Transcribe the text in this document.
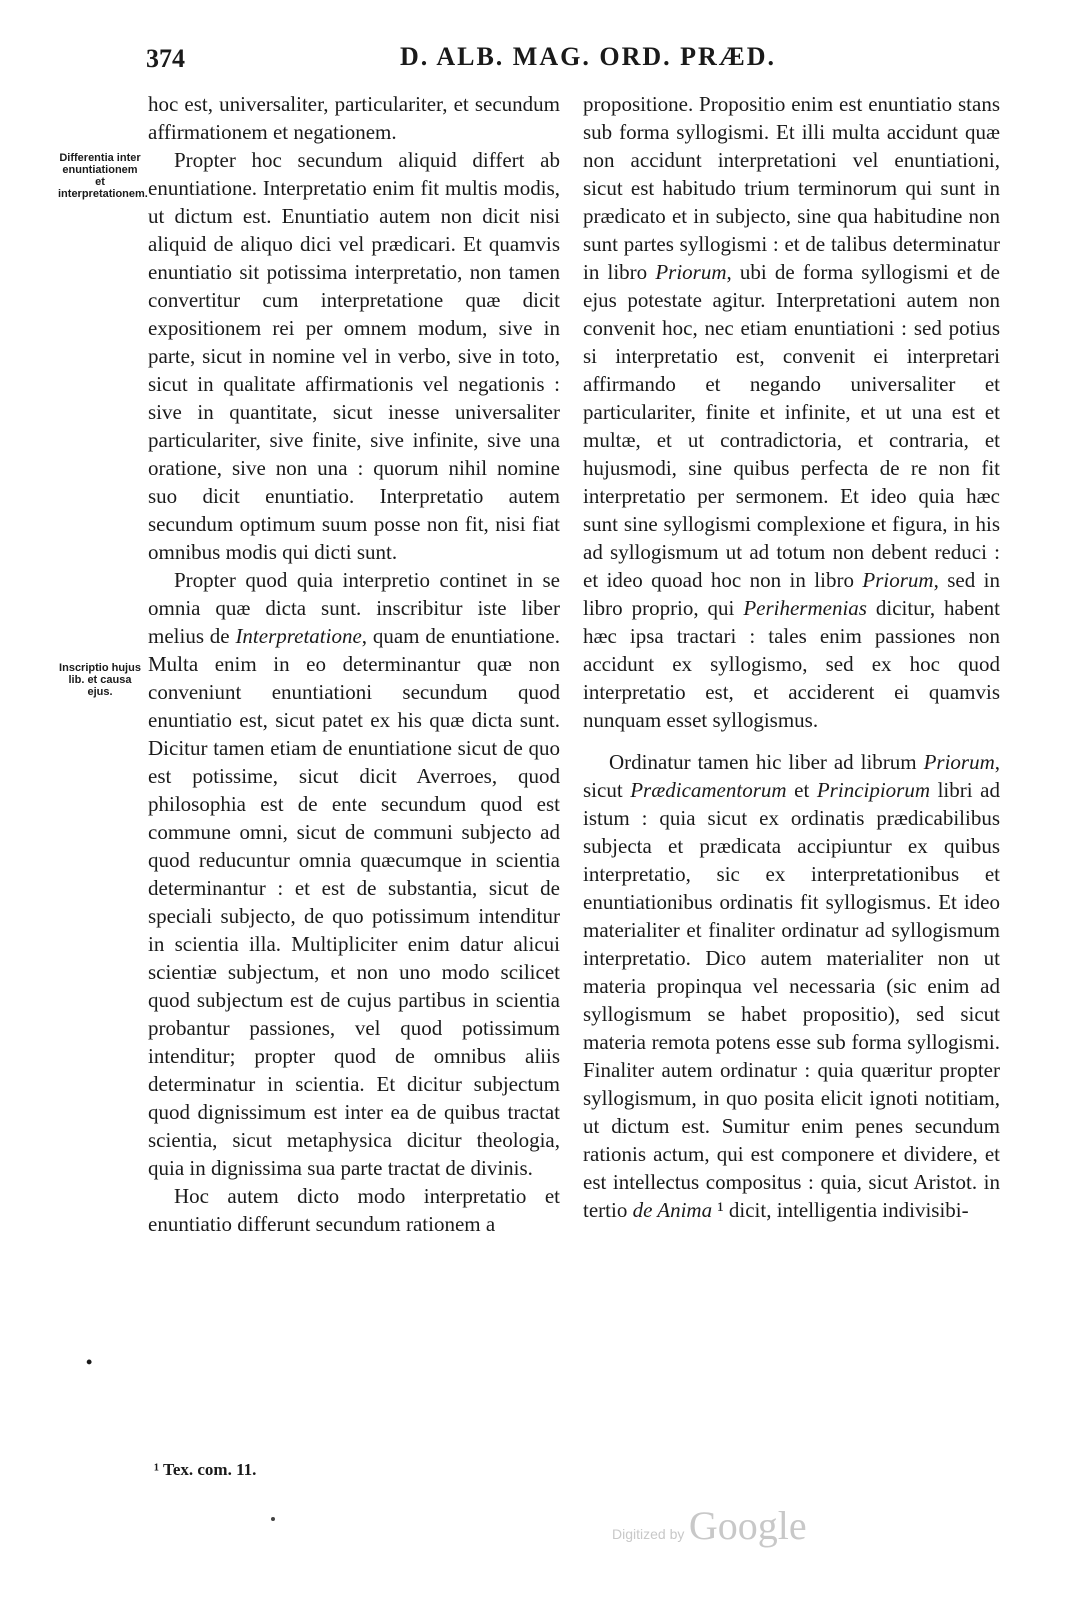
374	D. ALB. MAG. ORD. PRÆD.
Differentia inter enuntiationem et interpretationem.
Inscriptio hujus lib. et causa ejus.

hoc est, universaliter, particulariter, et secundum affirmationem et negationem.

Propter hoc secundum aliquid differt ab enuntiatione. Interpretatio enim fit multis modis, ut dictum est. Enuntiatio autem non dicit nisi aliquid de aliquo dici vel prædicari. Et quamvis enuntiatio sit potissima interpretatio, non tamen convertitur cum interpretatione quæ dicit expositionem rei per omnem modum, sive in parte, sicut in nomine vel in verbo, sive in toto, sicut in qualitate affirmationis vel negationis : sive in quantitate, sicut inesse universaliter particulariter, sive finite, sive infinite, sive una oratione, sive non una : quorum nihil nomine suo dicit enuntiatio. Interpretatio autem secundum optimum suum posse non fit, nisi fiat omnibus modis qui dicti sunt.

Propter quod quia interpretio continet in se omnia quæ dicta sunt. inscribitur iste liber melius de Interpretatione, quam de enuntiatione. Multa enim in eo determinantur quæ non conveniunt enuntiationi secundum quod enuntiatio est, sicut patet ex his quæ dicta sunt. Dicitur tamen etiam de enuntiatione sicut de quo est potissime, sicut dicit Averroes, quod philosophia est de ente secundum quod est commune omni, sicut de communi subjecto ad quod reducuntur omnia quæcumque in scientia determinantur : et est de substantia, sicut de speciali subjecto, de quo potissimum intenditur in scientia illa. Multipliciter enim datur alicui scientiæ subjectum, et non uno modo scilicet quod subjectum est de cujus partibus in scientia probantur passiones, vel quod potissimum intenditur; propter quod de omnibus aliis determinatur in scientia. Et dicitur subjectum quod dignissimum est inter ea de quibus tractat scientia, sicut metaphysica dicitur theologia, quia in dignissima sua parte tractat de divinis.

Hoc autem dicto modo interpretatio et enuntiatio differunt secundum rationem a

propositione. Propositio enim est enuntiatio stans sub forma syllogismi. Et illi multa accidunt quæ non accidunt interpretationi vel enuntiationi, sicut est habitudo trium terminorum qui sunt in prædicato et in subjecto, sine qua habitudine non sunt partes syllogismi : et de talibus determinatur in libro Priorum, ubi de forma syllogismi et de ejus potestate agitur. Interpretationi autem non convenit hoc, nec etiam enuntiationi : sed potius si interpretatio est, convenit ei interpretari affirmando et negando universaliter et particulariter, finite et infinite, et ut una est et multæ, et ut contradictoria, et contraria, et hujusmodi, sine quibus perfecta de re non fit interpretatio per sermonem. Et ideo quia hæc sunt sine syllogismi complexione et figura, in his ad syllogismum ut ad totum non debent reduci : et ideo quoad hoc non in libro Priorum, sed in libro proprio, qui Perihermenias dicitur, habent hæc ipsa tractari : tales enim passiones non accidunt ex syllogismo, sed ex hoc quod interpretatio est, et acciderent ei quamvis nunquam esset syllogismus.

Ordinatur tamen hic liber ad librum Priorum, sicut Prædicamentorum et Principiorum libri ad istum : quia sicut ex ordinatis prædicabilibus subjecta et prædicata accipiuntur ex quibus interpretatio, sic ex interpretationibus et enuntiationibus ordinatis fit syllogismus. Et ideo materialiter et finaliter ordinatur ad syllogismum interpretatio. Dico autem materialiter non ut materia propinqua vel necessaria (sic enim ad syllogismum se habet propositio), sed sicut materia remota potens esse sub forma syllogismi. Finaliter autem ordinatur : quia quæritur propter syllogismum, in quo posita elicit ignoti notitiam, ut dictum est. Sumitur enim penes secundum rationis actum, qui est componere et dividere, et est intellectus compositus : quia, sicut Aristot. in tertio de Anima ¹ dicit, intelligentia indivisibi-

•
¹ Tex. com. 11.
Digitized by Google
